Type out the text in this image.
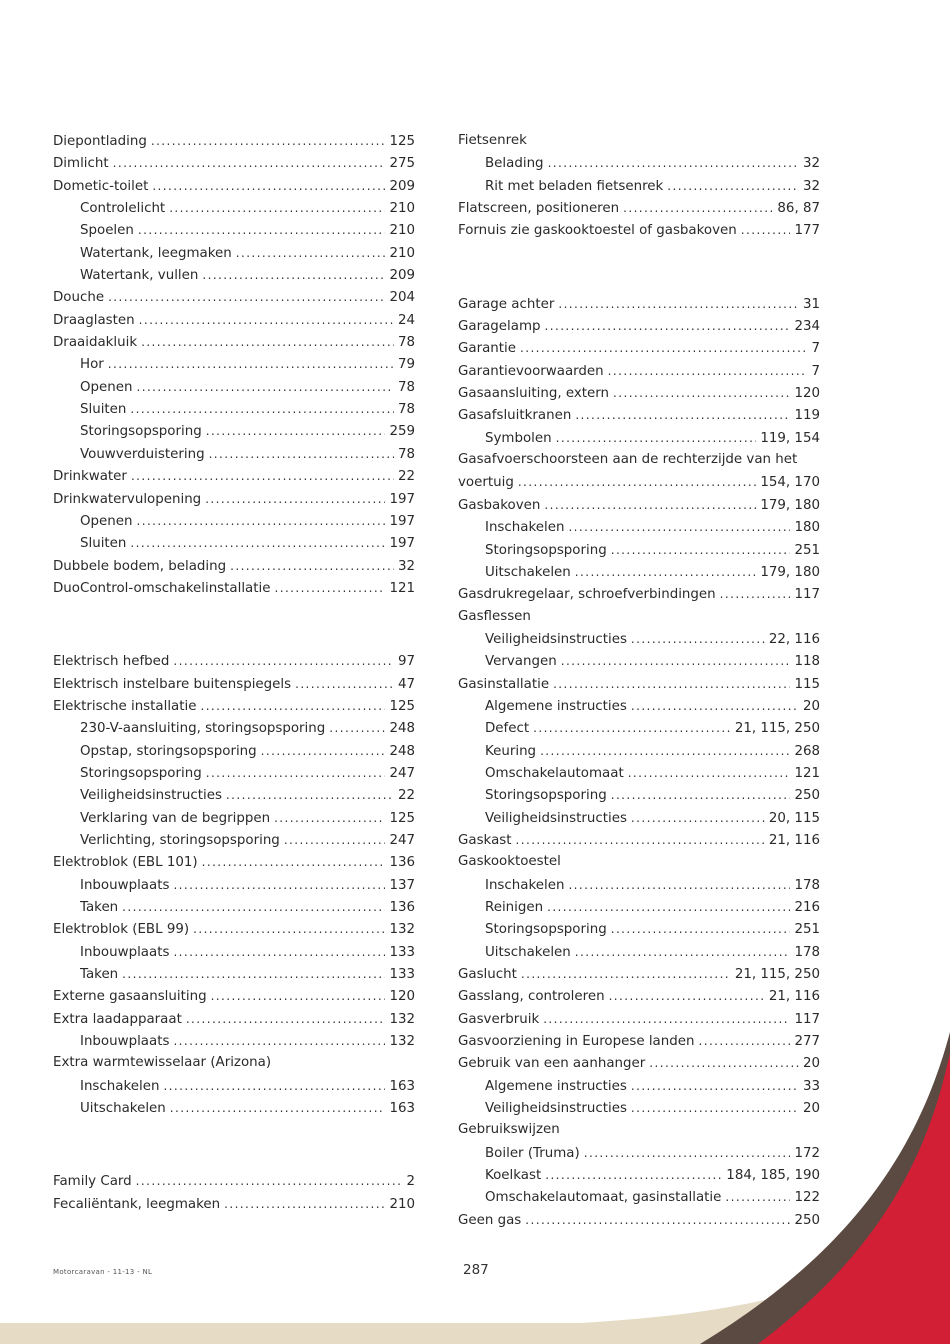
Diepontlading . . .	125
Dimlicht . . .	275
Dometic-toilet . . .	209
Controlelicht . . .	210
Spoelen . . .	210
Watertank, leegmaken . . .	210
Watertank, vullen . . .	209
Douche . . .	204
Draaglasten . . .	24
Draaidakluik . . .	78
Hor . . .	79
Openen . . .	78
Sluiten . . .	78
Storingsopsporing . . .	259
Vouwverduistering . . .	78
Drinkwater . . .	22
Drinkwatervulopening . . .	197
Openen . . .	197
Sluiten . . .	197
Dubbele bodem, belading . . .	32
DuoControl-omschakelinstallatie . . .	121
Elektrisch hefbed . . .	97
Elektrisch instelbare buitenspiegels . . .	47
Elektrische installatie . . .	125
230-V-aansluiting, storingsopsporing . . .	248
Opstap, storingsopsporing . . .	248
Storingsopsporing . . .	247
Veiligheidsinstructies . . .	22
Verklaring van de begrippen . . .	125
Verlichting, storingsopsporing . . .	247
Elektroblok (EBL 101) . . .	136
Inbouwplaats . . .	137
Taken . . .	136
Elektroblok (EBL 99) . . .	132
Inbouwplaats . . .	133
Taken . . .	133
Externe gasaansluiting . . .	120
Extra laadapparaat . . .	132
Inbouwplaats . . .	132
Extra warmtewisselaar (Arizona)
Inschakelen . . .	163
Uitschakelen . . .	163
Family Card . . .	2
Fecaliëntank, leegmaken . . .	210
Fietsenrek
Belading . . .	32
Rit met beladen fietsenrek . . .	32
Flatscreen, positioneren . . .	86, 87
Fornuis zie gaskooktoestel of gasbakoven . . .	177
Garage achter . . .	31
Garagelamp . . .	234
Garantie . . .	7
Garantievoorwaarden . . .	7
Gasaansluiting, extern . . .	120
Gasafsluitkranen . . .	119
Symbolen . . .	119, 154
Gasafvoerschoorsteen aan de rechterzijde van het
voertuig . . .	154, 170
Gasbakoven . . .	179, 180
Inschakelen . . .	180
Storingsopsporing . . .	251
Uitschakelen . . .	179, 180
Gasdrukregelaar, schroefverbindingen . . .	117
Gasflessen
Veiligheidsinstructies . . .	22, 116
Vervangen . . .	118
Gasinstallatie . . .	115
Algemene instructies . . .	20
Defect . . .	21, 115, 250
Keuring . . .	268
Omschakelautomaat . . .	121
Storingsopsporing . . .	250
Veiligheidsinstructies . . .	20, 115
Gaskast . . .	21, 116
Gaskooktoestel
Inschakelen . . .	178
Reinigen . . .	216
Storingsopsporing . . .	251
Uitschakelen . . .	178
Gaslucht . . .	21, 115, 250
Gasslang, controleren . . .	21, 116
Gasverbruik . . .	117
Gasvoorziening in Europese landen . . .	277
Gebruik van een aanhanger . . .	20
Algemene instructies . . .	33
Veiligheidsinstructies . . .	20
Gebruikswijzen
Boiler (Truma) . . .	172
Koelkast . . .	184, 185, 190
Omschakelautomaat, gasinstallatie . . .	122
Geen gas . . .	250
Motorcaravan - 11-13 - NL	287
